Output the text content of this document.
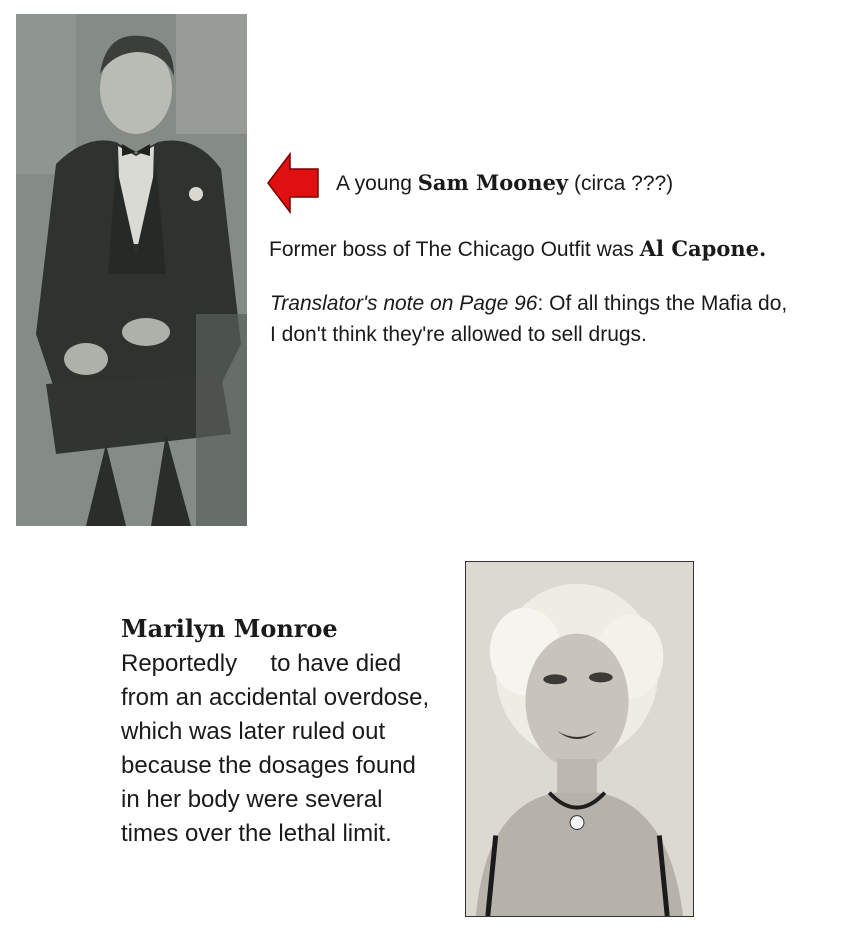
A young Sam Mooney (circa ???)
Former boss of The Chicago Outfit was Al Capone.
Translator's note on Page 96: Of all things the Mafia do,
I don't think they're allowed to sell drugs.
Marilyn Monroe
Reportedly     to have died
from an accidental overdose,
which was later ruled out
because the dosages found
in her body were several
times over the lethal limit.
